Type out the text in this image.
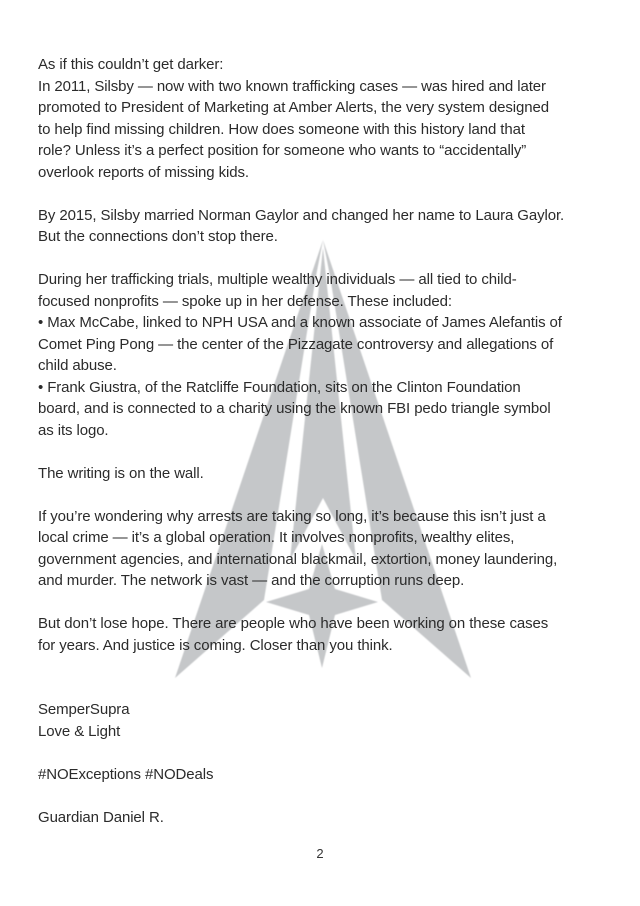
As if this couldn’t get darker:
In 2011, Silsby — now with two known trafficking cases — was hired and later
promoted to President of Marketing at Amber Alerts, the very system designed
to help find missing children. How does someone with this history land that
role? Unless it’s a perfect position for someone who wants to “accidentally”
overlook reports of missing kids.

By 2015, Silsby married Norman Gaylor and changed her name to Laura Gaylor.
But the connections don’t stop there.

During her trafficking trials, multiple wealthy individuals — all tied to child-
focused nonprofits — spoke up in her defense. These included:
• Max McCabe, linked to NPH USA and a known associate of James Alefantis of
Comet Ping Pong — the center of the Pizzagate controversy and allegations of
child abuse.
• Frank Giustra, of the Ratcliffe Foundation, sits on the Clinton Foundation
board, and is connected to a charity using the known FBI pedo triangle symbol
as its logo.

The writing is on the wall.

If you’re wondering why arrests are taking so long, it’s because this isn’t just a
local crime — it’s a global operation. It involves nonprofits, wealthy elites,
government agencies, and international blackmail, extortion, money laundering,
and murder. The network is vast — and the corruption runs deep.

But don’t lose hope. There are people who have been working on these cases
for years. And justice is coming. Closer than you think.

SemperSupra
Love & Light

#NOExceptions #NODeals

Guardian Daniel R.

2
